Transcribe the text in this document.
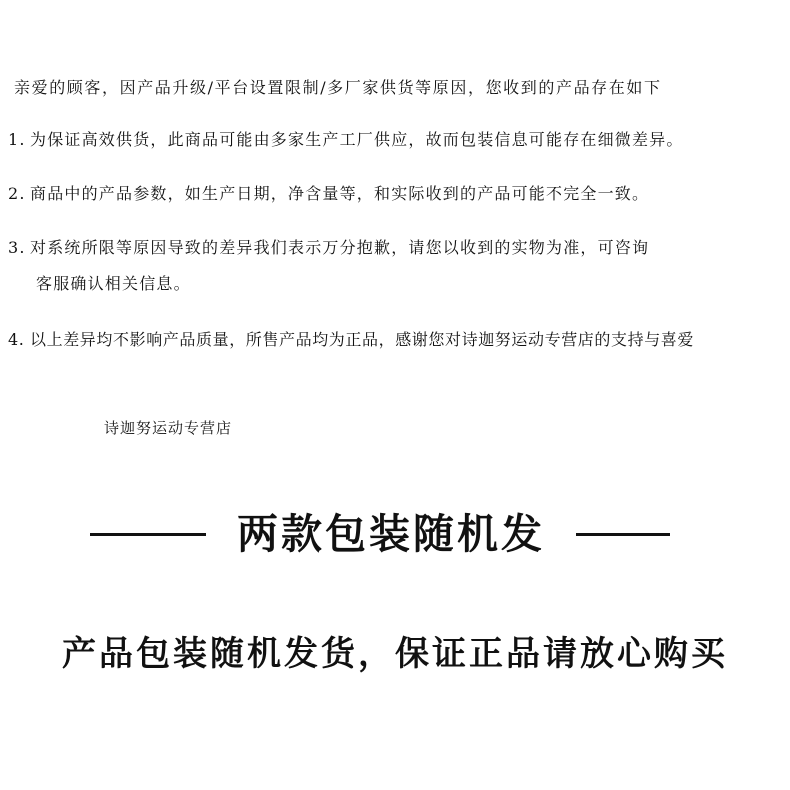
亲爱的顾客，因产品升级/平台设置限制/多厂家供货等原因，您收到的产品存在如下
1. 为保证高效供货，此商品可能由多家生产工厂供应，故而包装信息可能存在细微差异。
2. 商品中的产品参数，如生产日期，净含量等，和实际收到的产品可能不完全一致。
3. 对系统所限等原因导致的差异我们表示万分抱歉，请您以收到的实物为准，可咨询
客服确认相关信息。
4. 以上差异均不影响产品质量，所售产品均为正品，感谢您对诗迦努运动专营店的支持与喜爱
诗迦努运动专营店
两款包装随机发
产品包装随机发货，保证正品请放心购买
